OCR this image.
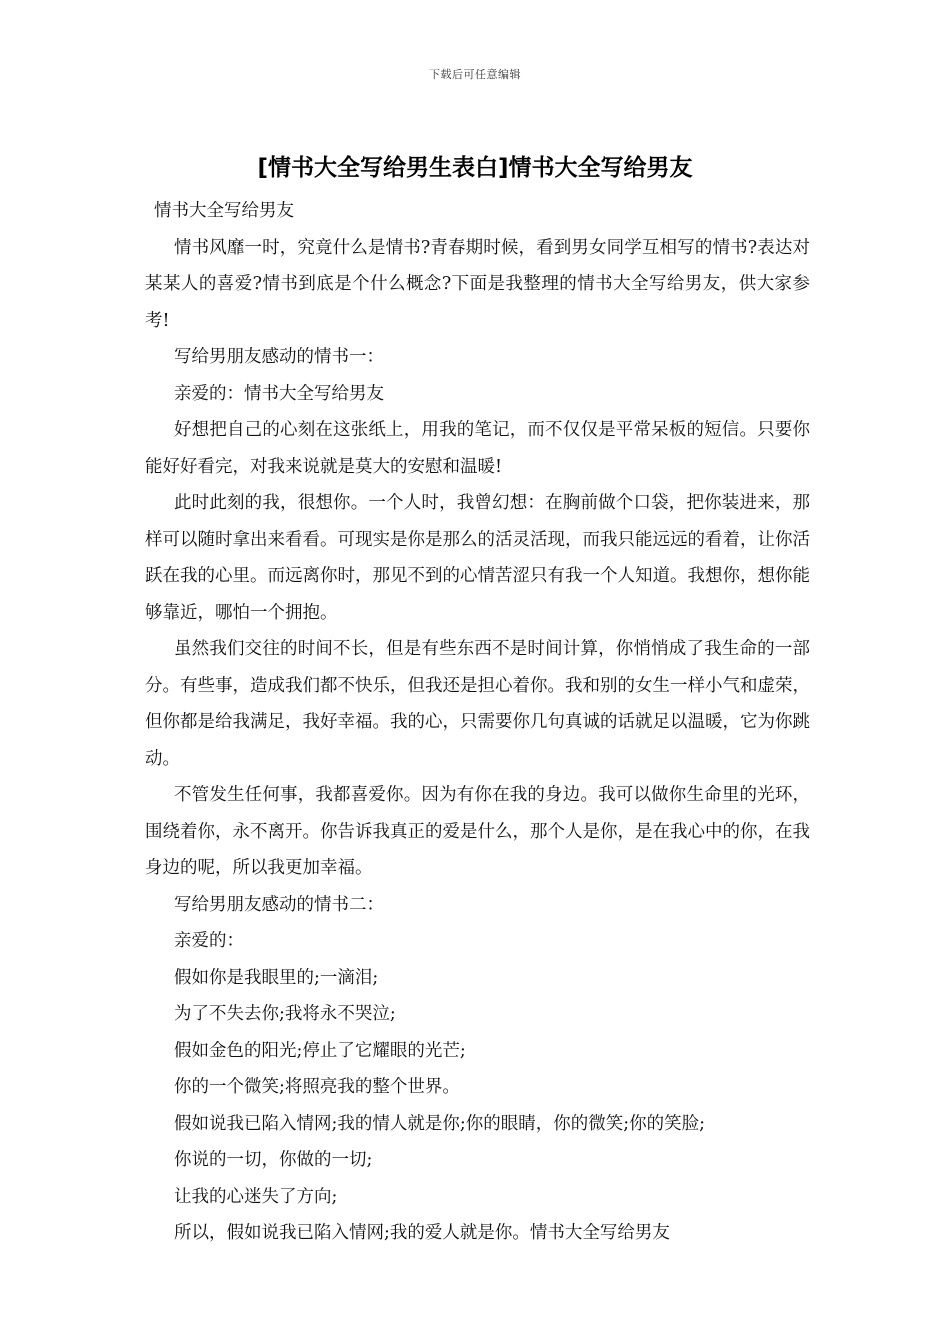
下载后可任意编辑
[情书大全写给男生表白]情书大全写给男友

情书大全写给男友

情书风靡一时，究竟什么是情书?青春期时候，看到男女同学互相写的情书?表达对某某人的喜爱?情书到底是个什么概念?下面是我整理的情书大全写给男友，供大家参考!

写给男朋友感动的情书一：

亲爱的：情书大全写给男友

好想把自己的心刻在这张纸上，用我的笔记，而不仅仅是平常呆板的短信。只要你能好好看完，对我来说就是莫大的安慰和温暖!

此时此刻的我，很想你。一个人时，我曾幻想：在胸前做个口袋，把你装进来，那样可以随时拿出来看看。可现实是你是那么的活灵活现，而我只能远远的看着，让你活跃在我的心里。而远离你时，那见不到的心情苦涩只有我一个人知道。我想你，想你能够靠近，哪怕一个拥抱。

虽然我们交往的时间不长，但是有些东西不是时间计算，你悄悄成了我生命的一部分。有些事，造成我们都不快乐，但我还是担心着你。我和别的女生一样小气和虚荣，但你都是给我满足，我好幸福。我的心，只需要你几句真诚的话就足以温暖，它为你跳动。

不管发生任何事，我都喜爱你。因为有你在我的身边。我可以做你生命里的光环，围绕着你，永不离开。你告诉我真正的爱是什么，那个人是你，是在我心中的你，在我身边的呢，所以我更加幸福。

写给男朋友感动的情书二：

亲爱的：

假如你是我眼里的;一滴泪;

为了不失去你;我将永不哭泣;

假如金色的阳光;停止了它耀眼的光芒;

你的一个微笑;将照亮我的整个世界。

假如说我已陷入情网;我的情人就是你;你的眼睛，你的微笑;你的笑脸;

你说的一切，你做的一切;

让我的心迷失了方向;

所以，假如说我已陷入情网;我的爱人就是你。情书大全写给男友
